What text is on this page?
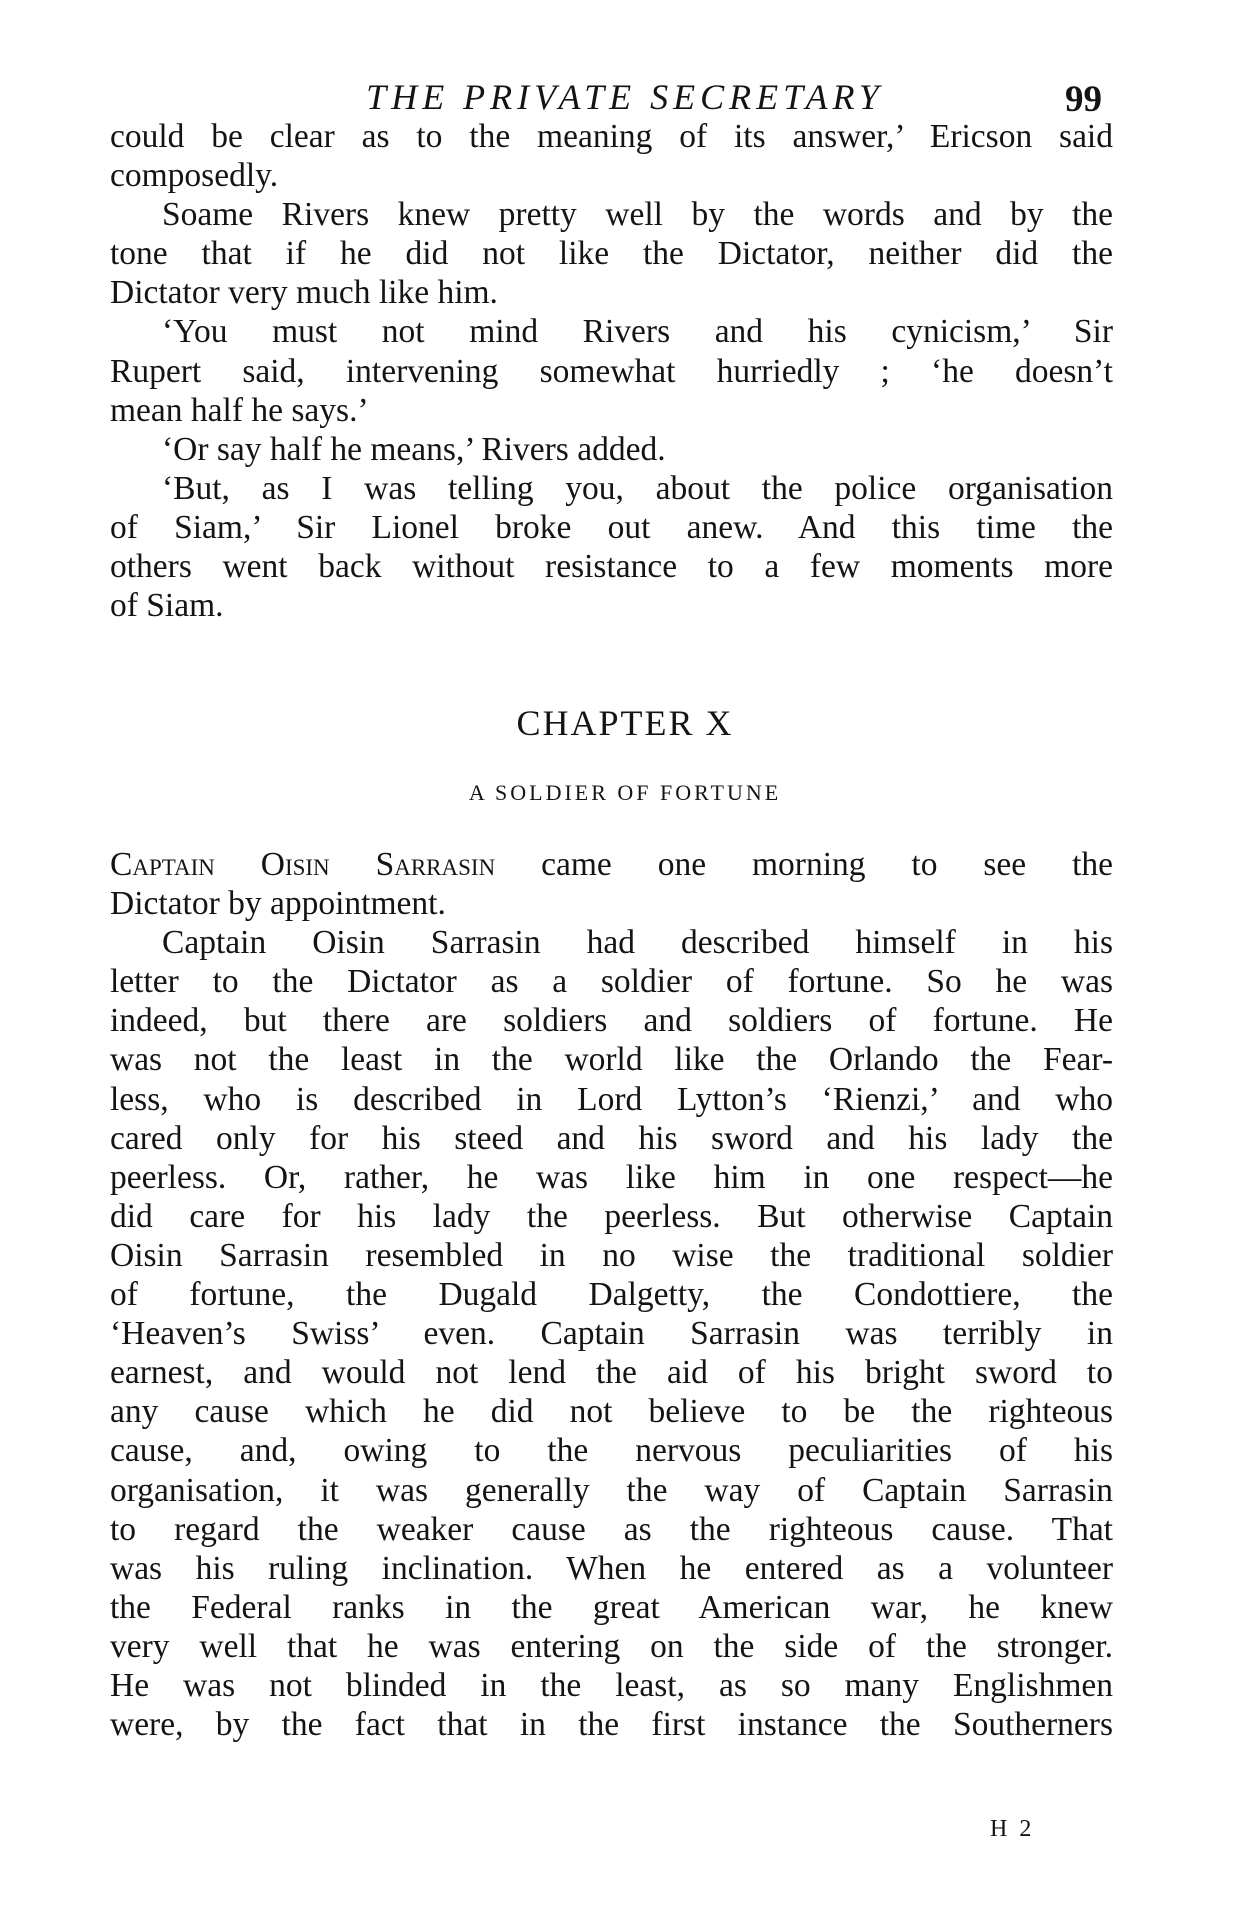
THE PRIVATE SECRETARY	99
could be clear as to the meaning of its answer,’ Ericson said
composedly.
Soame Rivers knew pretty well by the words and by the
tone that if he did not like the Dictator, neither did the
Dictator very much like him.
‘You must not mind Rivers and his cynicism,’ Sir
Rupert said, intervening somewhat hurriedly ; ‘he doesn’t
mean half he says.’
‘Or say half he means,’ Rivers added.
‘But, as I was telling you, about the police organisation
of Siam,’ Sir Lionel broke out anew. And this time the
others went back without resistance to a few moments more
of Siam.
CHAPTER X
A SOLDIER OF FORTUNE
Captain Oisin Sarrasin came one morning to see the
Dictator by appointment.
Captain Oisin Sarrasin had described himself in his
letter to the Dictator as a soldier of fortune. So he was
indeed, but there are soldiers and soldiers of fortune. He
was not the least in the world like the Orlando the Fear-
less, who is described in Lord Lytton’s ‘Rienzi,’ and who
cared only for his steed and his sword and his lady the
peerless. Or, rather, he was like him in one respect—he
did care for his lady the peerless. But otherwise Captain
Oisin Sarrasin resembled in no wise the traditional soldier
of fortune, the Dugald Dalgetty, the Condottiere, the
‘Heaven’s Swiss’ even. Captain Sarrasin was terribly in
earnest, and would not lend the aid of his bright sword to
any cause which he did not believe to be the righteous
cause, and, owing to the nervous peculiarities of his
organisation, it was generally the way of Captain Sarrasin
to regard the weaker cause as the righteous cause. That
was his ruling inclination. When he entered as a volunteer
the Federal ranks in the great American war, he knew
very well that he was entering on the side of the stronger.
He was not blinded in the least, as so many Englishmen
were, by the fact that in the first instance the Southerners
H 2
